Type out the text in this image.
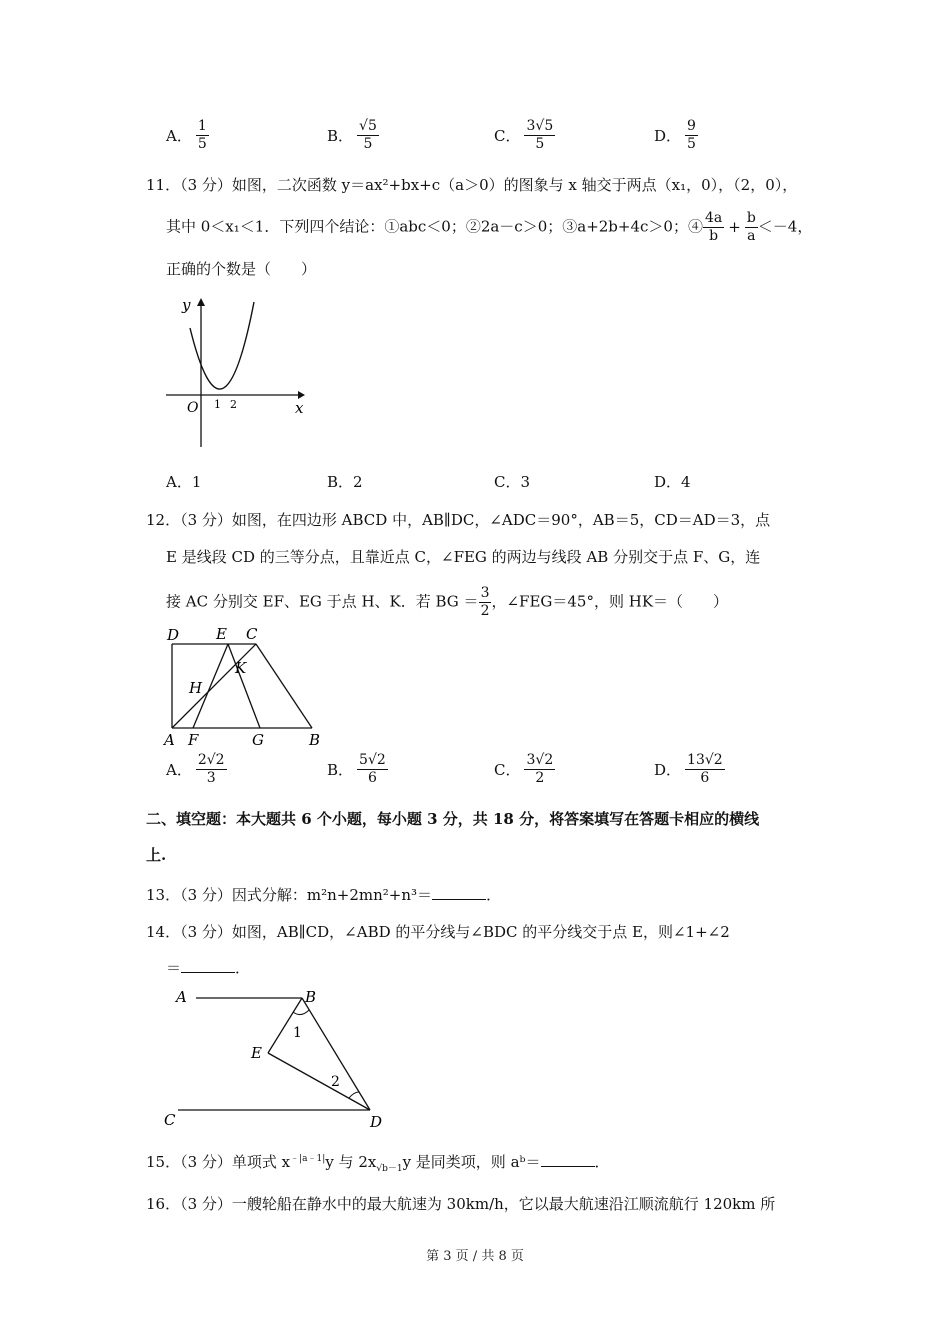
A． $\frac{1}{5}$	B． $\frac{√5}{5}$	C． $\frac{3√5}{5}$	D． $\frac{9}{5}$
11．（3 分）如图，二次函数 y＝ax²+bx+c（a＞0）的图象与 x 轴交于两点（x₁，0），（2，0），
其中 0＜x₁＜1．下列四个结论：①abc＜0；②2a－c＞0；③a+2b+4c＞0；④ $\frac{4a}{b} + \frac{b}{a} <-4$，
正确的个数是（　　）
y
x
O 1 2
A．1	B．2	C．3	D．4
12．（3 分）如图，在四边形 ABCD 中，AB∥DC，∠ADC＝90°，AB＝5，CD＝AD＝3，点
E 是线段 CD 的三等分点，且靠近点 C，∠FEG 的两边与线段 AB 分别交于点 F、G，连
接 AC 分别交 EF、EG 于点 H、K．若 BG ＝ $\frac{3}{2}$ ，∠FEG＝45°，则 HK＝（　　）
D E C
K
H
A F	G	B
A． $\frac{2√2}{3}$	B． $\frac{5√2}{6}$	C． $\frac{3√2}{2}$	D． $\frac{13√2}{6}$
二、填空题：本大题共 6 个小题，每小题 3 分，共 18 分，将答案填写在答题卡相应的横线
上.
13．（3 分）因式分解：m²n+2mn²+n³＝	．
14．（3 分）如图，AB∥CD，∠ABD 的平分线与∠BDC 的平分线交于点 E，则∠1+∠2
＝	．
A	B
E
C	D
1
2
15．（3 分）单项式 $x^{﹣|a﹣1|}y$ 与 $2x_{√b-1}y$ 是同类项，则 aᵇ＝	．
16．（3 分）一艘轮船在静水中的最大航速为 30km/h，它以最大航速沿江顺流航行 120km 所
第 3 页 / 共 8 页
